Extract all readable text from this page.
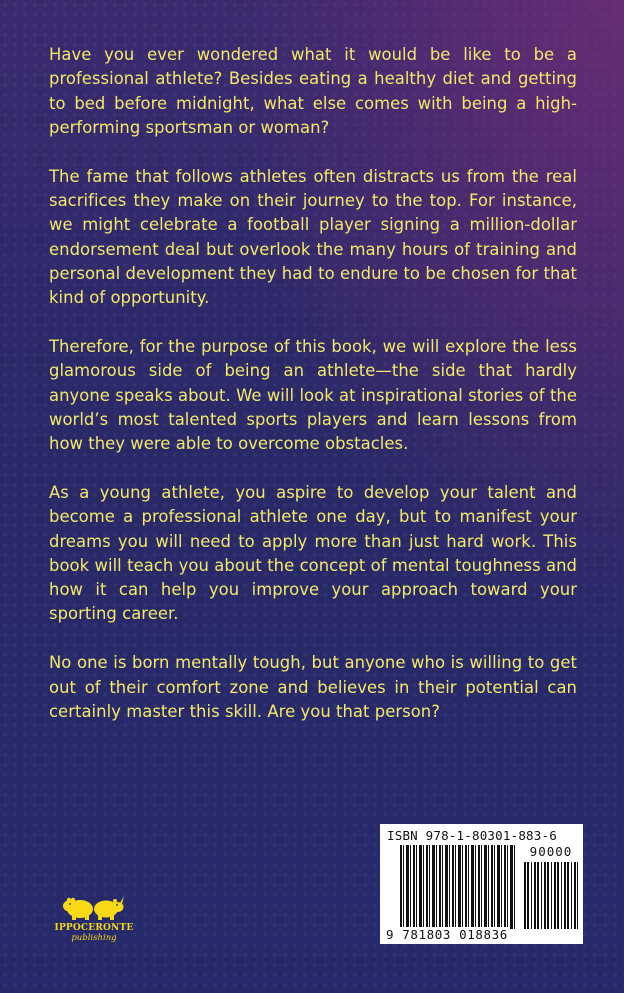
Have you ever wondered what it would be like to be a professional athlete? Besides eating a healthy diet and getting to bed before midnight, what else comes with being a high-performing sportsman or woman?

The fame that follows athletes often distracts us from the real sacrifices they make on their journey to the top. For instance, we might celebrate a football player signing a million-dollar endorsement deal but overlook the many hours of training and personal development they had to endure to be chosen for that kind of opportunity.

Therefore, for the purpose of this book, we will explore the less glamorous side of being an athlete—the side that hardly anyone speaks about. We will look at inspirational stories of the world’s most talented sports players and learn lessons from how they were able to overcome obstacles.

As a young athlete, you aspire to develop your talent and become a professional athlete one day, but to manifest your dreams you will need to apply more than just hard work. This book will teach you about the concept of mental toughness and how it can help you improve your approach toward your sporting career.

No one is born mentally tough, but anyone who is willing to get out of their comfort zone and believes in their potential can certainly master this skill. Are you that person?

ISBN 978-1-80301-883-6
90000
9 781803 018836
IPPOCERONTE
publishing
